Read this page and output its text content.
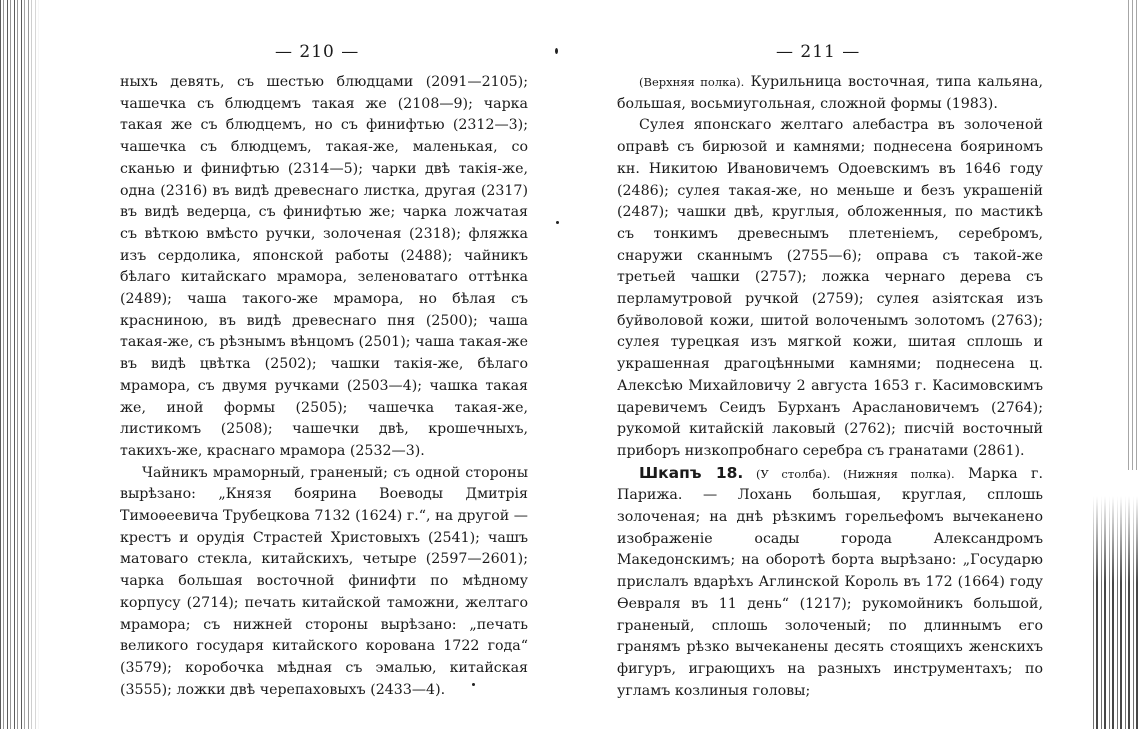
— 210 —

ныхъ девять, съ шестью блюдцами (2091—2105); чашечка съ блюдцемъ такая же (2108—9); чарка такая же съ блюдцемъ, но съ финифтью (2312—3); чашечка съ блюдцемъ, такая-же, маленькая, со сканью и финифтью (2314—5); чарки двѣ такія-же, одна (2316) въ видѣ древеснаго листка, другая (2317) въ видѣ ведерца, съ финифтью же; чарка ложчатая съ вѣткою вмѣсто ручки, золоченая (2318); фляжка изъ сердолика, японской работы (2488); чайникъ бѣлаго китайскаго мрамора, зеленоватаго оттѣнка (2489); чаша такого-же мрамора, но бѣлая съ красниною, въ видѣ древеснаго пня (2500); чаша такая-же, съ рѣзнымъ вѣнцомъ (2501); чаша такая-же въ видѣ цвѣтка (2502); чашки такія-же, бѣлаго мрамора, съ двумя ручками (2503—4); чашка такая же, иной формы (2505); чашечка такая-же, листикомъ (2508); чашечки двѣ, крошечныхъ, такихъ-же, краснаго мрамора (2532—3).

Чайникъ мраморный, граненый; съ одной стороны вырѣзано: „Князя боярина Воеводы Дмитрія Тимоѳеевича Трубецкова 7132 (1624) г.“, на другой — крестъ и орудія Страстей Христовыхъ (2541); чашъ матоваго стекла, китайскихъ, четыре (2597—2601); чарка большая восточной финифти по мѣдному корпусу (2714); печать китайской таможни, желтаго мрамора; съ нижней стороны вырѣзано: „печать великого государя китайского корована 1722 года“ (3579); коробочка мѣдная съ эмалью, китайская (3555); ложки двѣ черепаховыхъ (2433—4).

— 211 —

(Верхняя полка). Курильница восточная, типа кальяна, большая, восьмиугольная, сложной формы (1983).

Сулея японскаго желтаго алебастра въ золоченой оправѣ съ бирюзой и камнями; поднесена бояриномъ кн. Никитою Ивановичемъ Одоевскимъ въ 1646 году (2486); сулея такая-же, но меньше и безъ украшеній (2487); чашки двѣ, круглыя, обложенныя, по мастикѣ съ тонкимъ древеснымъ плетеніемъ, серебромъ, снаружи сканнымъ (2755—6); оправа съ такой-же третьей чашки (2757); ложка чернаго дерева съ перламутровой ручкой (2759); сулея азіятская изъ буйволовой кожи, шитой волоченымъ золотомъ (2763); сулея турецкая изъ мягкой кожи, шитая сплошь и украшенная драгоцѣнными камнями; поднесена ц. Алексѣю Михайловичу 2 августа 1653 г. Касимовскимъ царевичемъ Сеидъ Бурханъ Арасланoвичемъ (2764); рукомой китайскій лаковый (2762); писчій восточный приборъ низкопробнаго серебра съ гранатами (2861).

Шкапъ 18. (У столба). (Нижняя полка). Марка г. Парижа. — Лохань большая, круглая, сплошь золоченая; на днѣ рѣзкимъ горельефомъ вычеканено изображеніе осады города Александромъ Македонскимъ; на оборотѣ борта вырѣзано: „Государю прислалъ вдарѣхъ Аглинской Король въ 172 (1664) году Ѳевраля въ 11 день“ (1217); рукомойникъ большой, граненый, сплошь золоченый; по длиннымъ его гранямъ рѣзко вычеканены десять стоящихъ женскихъ фигуръ, играющихъ на разныхъ инструментахъ; по угламъ козлиныя головы;
